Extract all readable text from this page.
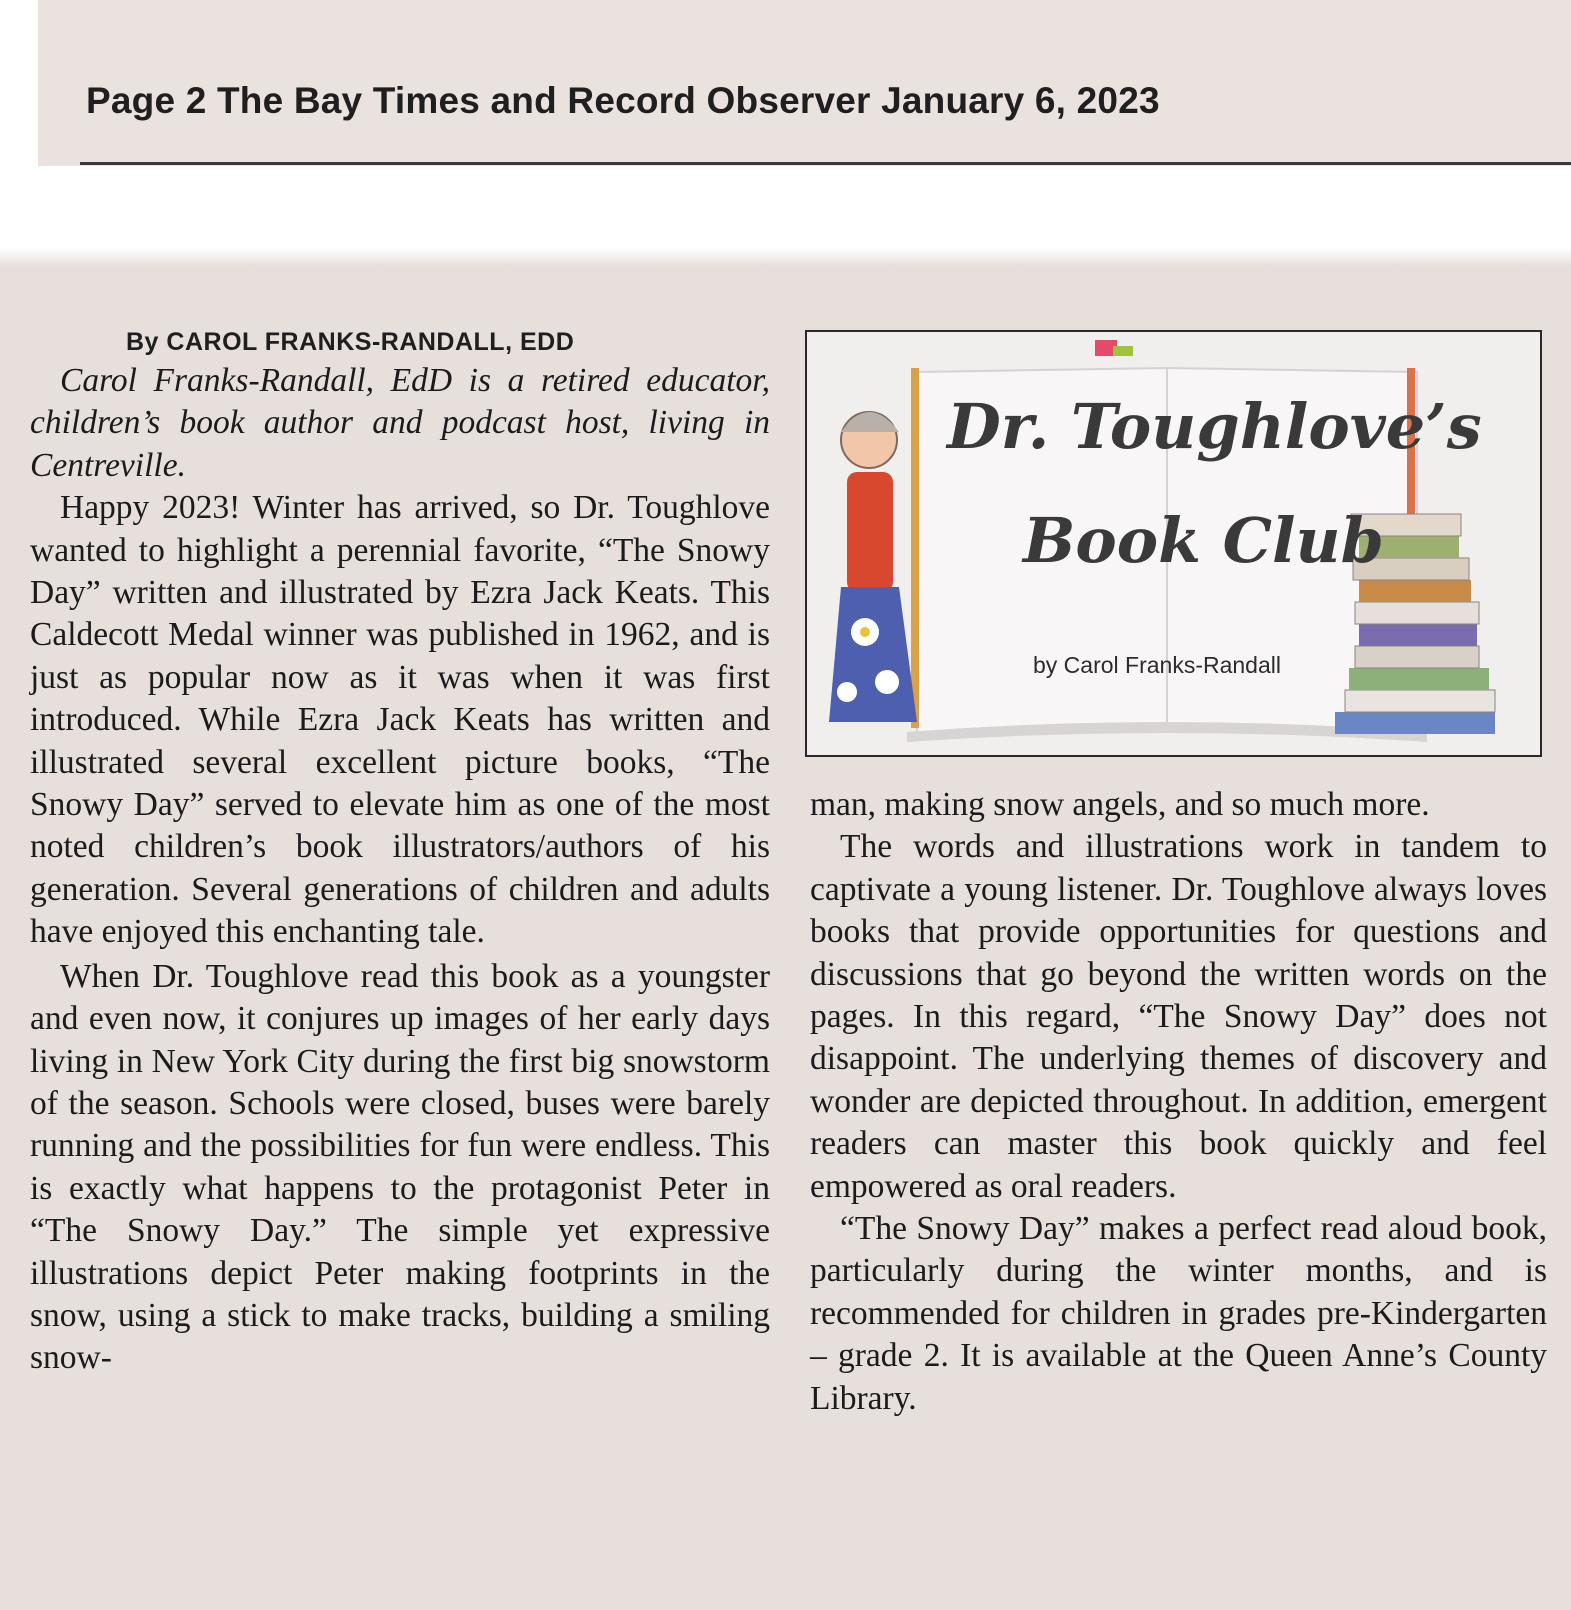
Page 2 The Bay Times and Record Observer January 6, 2023
By CAROL FRANKS-RANDALL, EDD

Carol Franks-Randall, EdD is a retired educator, children’s book author and podcast host, living in Centreville.

Happy 2023! Winter has arrived, so Dr. Toughlove wanted to highlight a perennial favorite, “The Snowy Day” written and illustrated by Ezra Jack Keats. This Caldecott Medal winner was published in 1962, and is just as popular now as it was when it was first introduced. While Ezra Jack Keats has written and illustrated several excellent picture books, “The Snowy Day” served to elevate him as one of the most noted children’s book illustrators/authors of his generation. Several generations of children and adults have enjoyed this enchanting tale.

When Dr. Toughlove read this book as a youngster and even now, it conjures up images of her early days living in New York City during the first big snowstorm of the season. Schools were closed, buses were barely running and the possibilities for fun were endless. This is exactly what happens to the protagonist Peter in “The Snowy Day.” The simple yet expressive illustrations depict Peter making footprints in the snow, using a stick to make tracks, building a smiling snow-

Dr. Toughlove’s
Book Club
by Carol Franks-Randall

man, making snow angels, and so much more.

The words and illustrations work in tandem to captivate a young listener. Dr. Toughlove always loves books that provide opportunities for questions and discussions that go beyond the written words on the pages. In this regard, “The Snowy Day” does not disappoint. The underlying themes of discovery and wonder are depicted throughout. In addition, emergent readers can master this book quickly and feel empowered as oral readers.

“The Snowy Day” makes a perfect read aloud book, particularly during the winter months, and is recommended for children in grades pre-Kindergarten – grade 2. It is available at the Queen Anne’s County Library.
